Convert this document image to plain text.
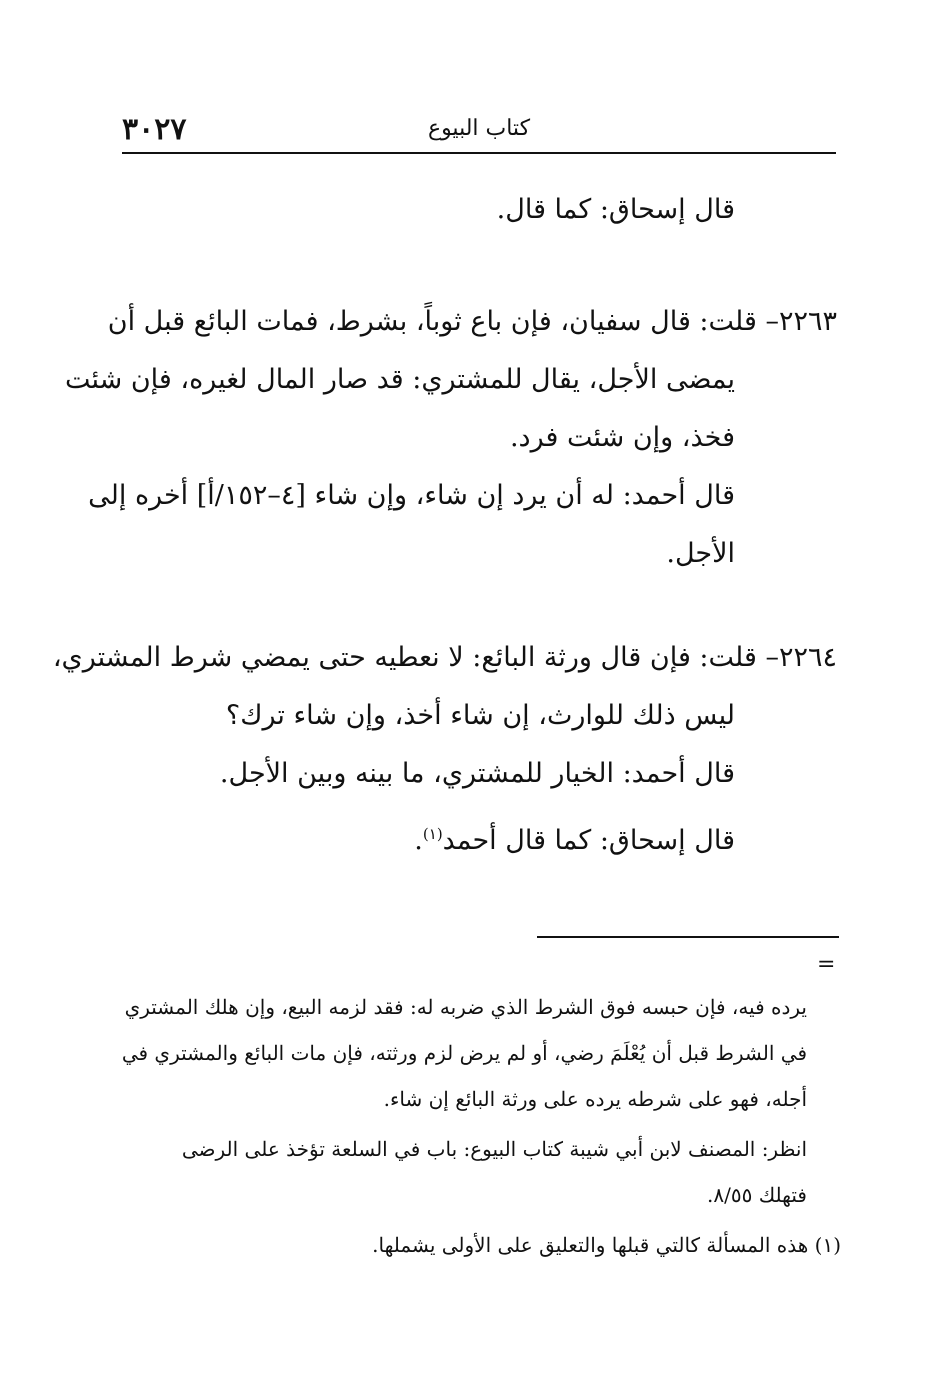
٣٠٢٧	كتاب البيوع

قال إسحاق: كما قال.

٢٢٦٣– قلت: قال سفيان، فإن باع ثوباً، بشرط، فمات البائع قبل أن

يمضى الأجل، يقال للمشتري: قد صار المال لغيره، فإن شئت

فخذ، وإن شئت فرد.

قال أحمد: له أن يرد إن شاء، وإن شاء [٤–١٥٢/أ] أخره إلى

الأجل.

٢٢٦٤– قلت: فإن قال ورثة البائع: لا نعطيه حتى يمضي شرط المشتري،

ليس ذلك للوارث، إن شاء أخذ، وإن شاء ترك؟

قال أحمد: الخيار للمشتري، ما بينه وبين الأجل.

قال إسحاق: كما قال أحمد$^{(١)}$.

=

يرده فيه، فإن حبسه فوق الشرط الذي ضربه له: فقد لزمه البيع، وإن هلك المشتري

في الشرط قبل أن يُعْلَمَ رضي، أو لم يرض لزم ورثته، فإن مات البائع والمشتري في

أجله، فهو على شرطه يرده على ورثة البائع إن شاء.

انظر: المصنف لابن أبي شيبة كتاب البيوع: باب في السلعة تؤخذ على الرضى

فتهلك ٨/٥٥.

(١) هذه المسألة كالتي قبلها والتعليق على الأولى يشملها.
